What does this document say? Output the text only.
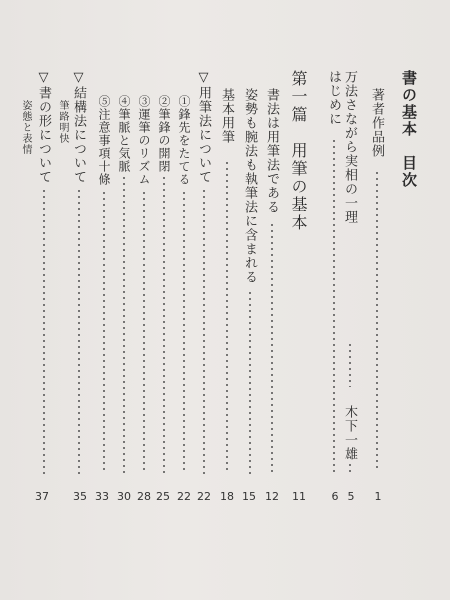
書の基本　目次
著者作品例
1
万法さながら実相の一理
木下一雄
5
はじめに
6
第一篇　用筆の基本
11
書法は用筆法である
12
姿勢も腕法も執筆法に含まれる
15
基本用筆
18
▽用筆法について
22
①鋒先をたてる
22
②筆鋒の開閉
25
③運筆のリズム
28
④筆脈と気脈
30
⑤注意事項十條
33
▽結構法について
35
筆路明快
▽書の形について
37
姿態と表情
